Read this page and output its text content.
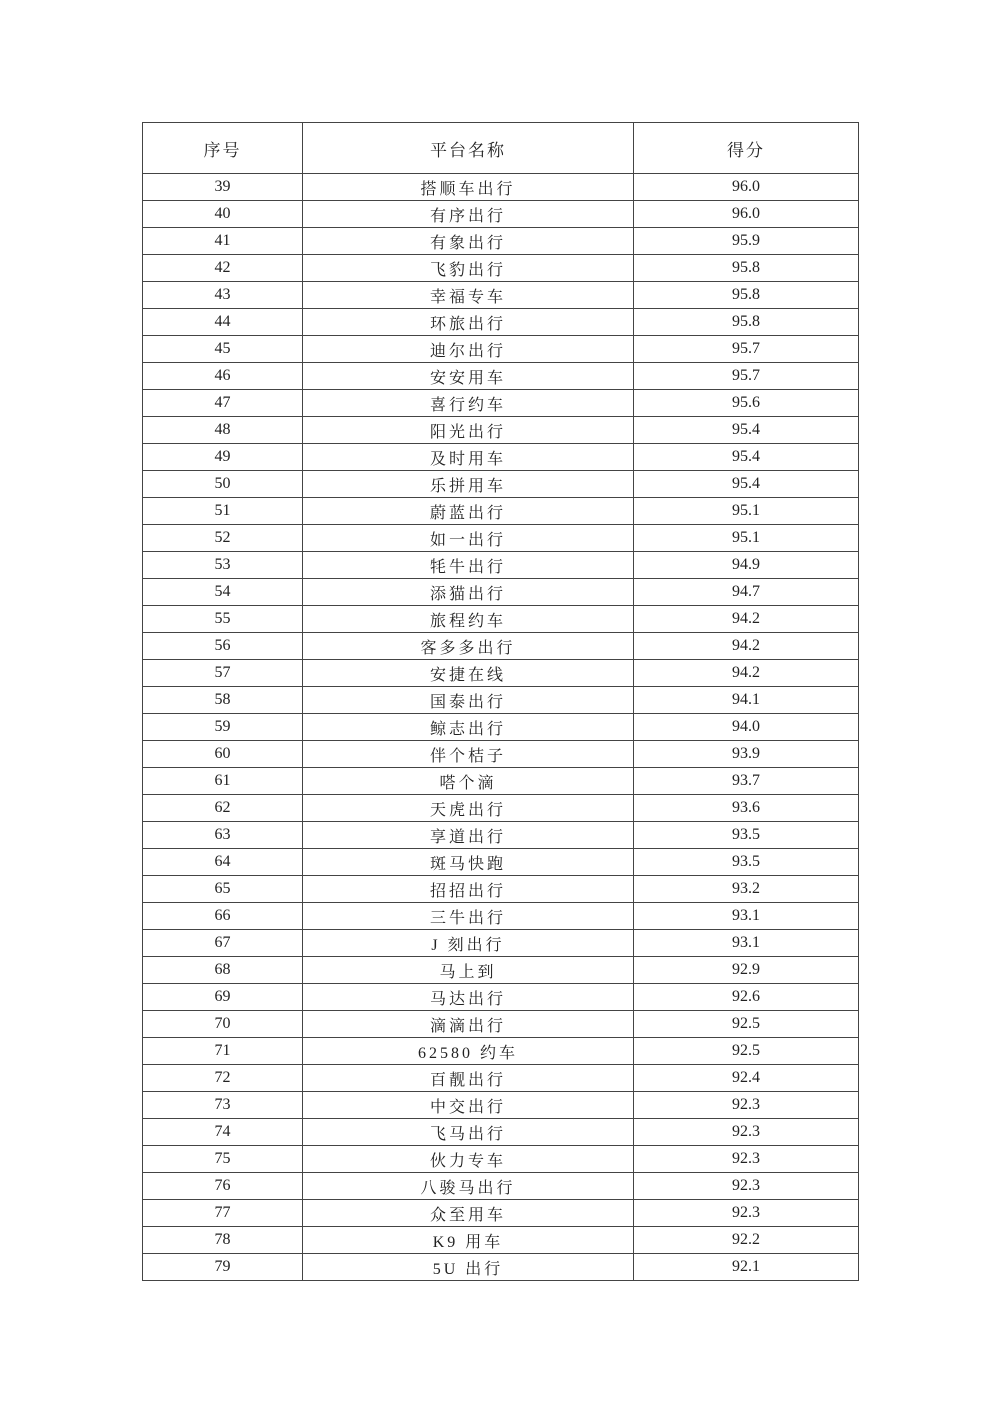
序号	平台名称	得分
39	搭顺车出行	96.0
40	有序出行	96.0
41	有象出行	95.9
42	飞豹出行	95.8
43	幸福专车	95.8
44	环旅出行	95.8
45	迪尔出行	95.7
46	安安用车	95.7
47	喜行约车	95.6
48	阳光出行	95.4
49	及时用车	95.4
50	乐拼用车	95.4
51	蔚蓝出行	95.1
52	如一出行	95.1
53	牦牛出行	94.9
54	添猫出行	94.7
55	旅程约车	94.2
56	客多多出行	94.2
57	安捷在线	94.2
58	国泰出行	94.1
59	鲸志出行	94.0
60	伴个桔子	93.9
61	嗒个滴	93.7
62	天虎出行	93.6
63	享道出行	93.5
64	斑马快跑	93.5
65	招招出行	93.2
66	三牛出行	93.1
67	J 刻出行	93.1
68	马上到	92.9
69	马达出行	92.6
70	滴滴出行	92.5
71	62580 约车	92.5
72	百靓出行	92.4
73	中交出行	92.3
74	飞马出行	92.3
75	伙力专车	92.3
76	八骏马出行	92.3
77	众至用车	92.3
78	K9 用车	92.2
79	5U 出行	92.1
